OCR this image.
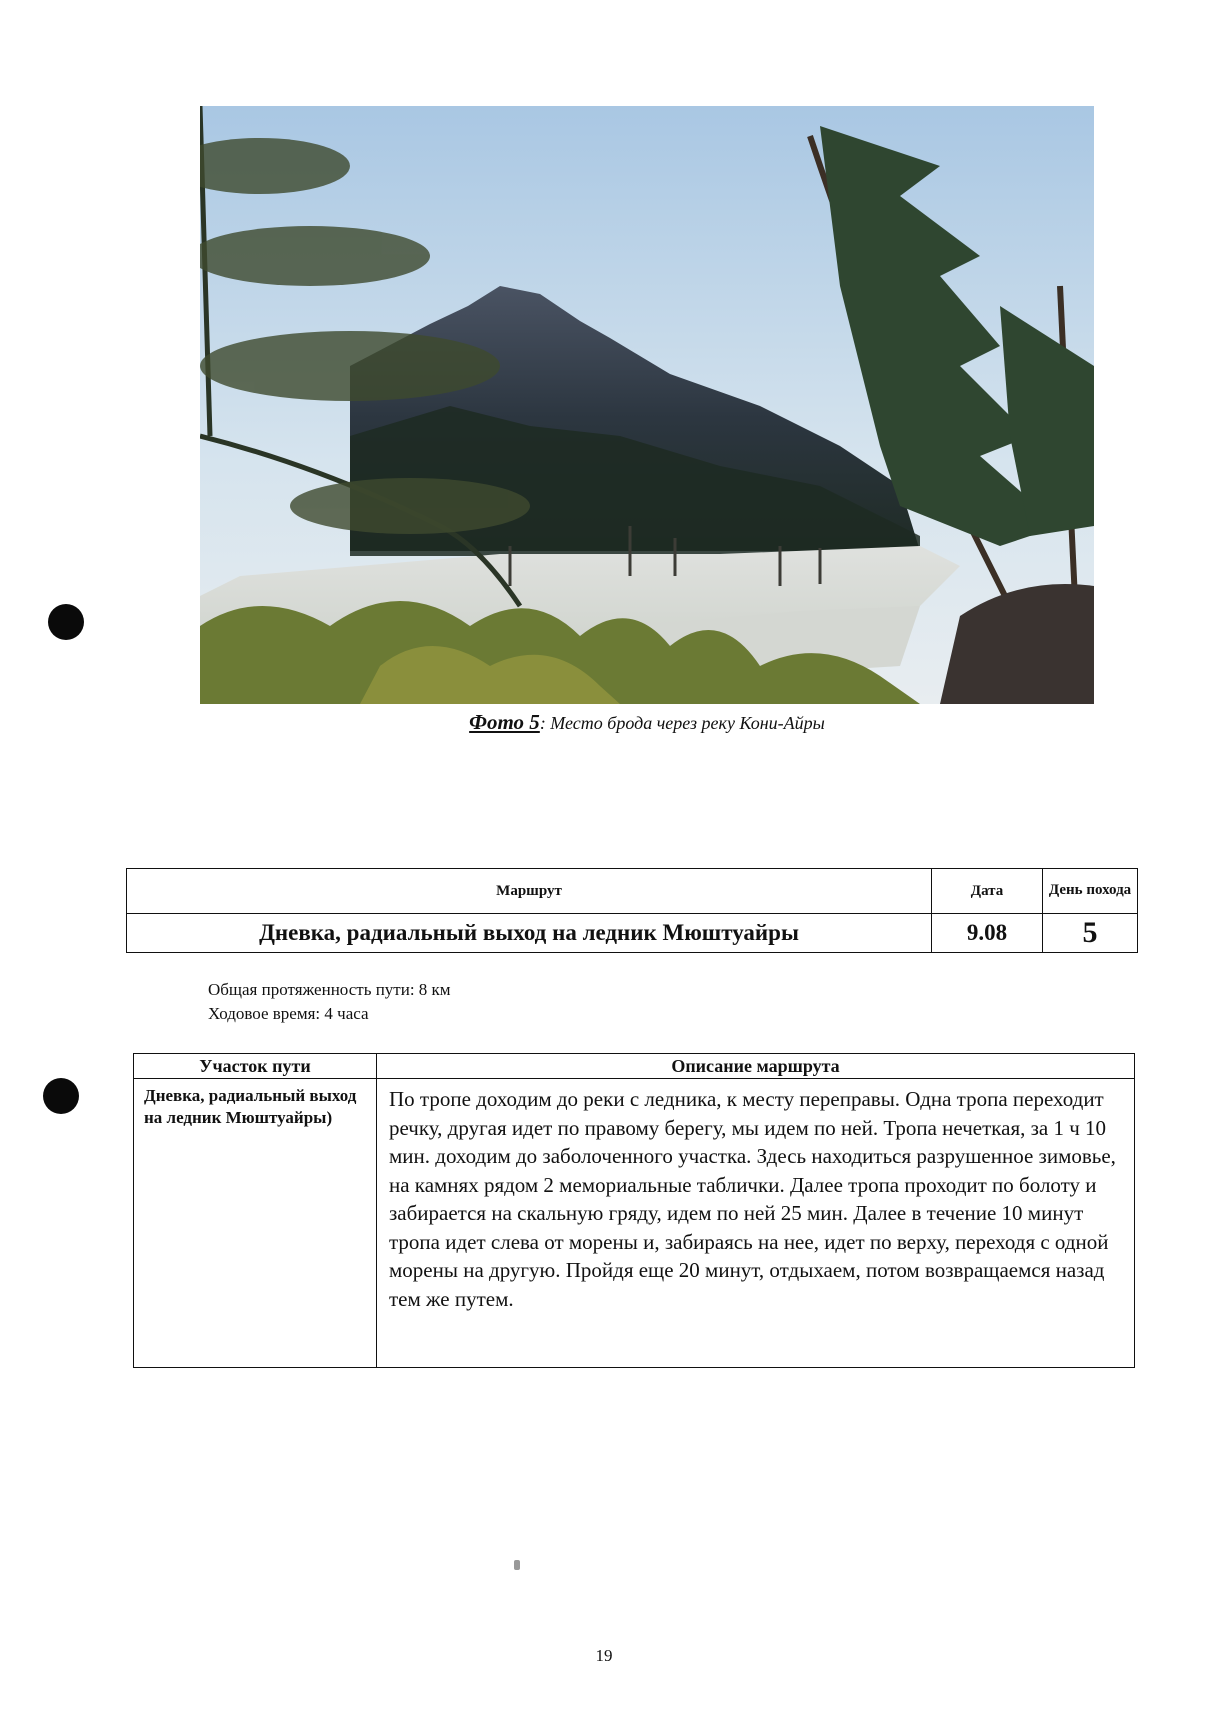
Фото 5: Место брода через реку Кони-Айры
Маршрут	Дата	День похода
Дневка, радиальный выход на ледник Мюштуайры	9.08	5
Общая протяженность пути: 8 км
Ходовое время: 4 часа
Участок пути	Описание маршрута
Дневка, радиальный выход на ледник Мюштуайры)	По тропе доходим до реки с ледника, к месту переправы. Одна тропа переходит речку, другая идет по правому берегу, мы идем по ней. Тропа нечеткая, за 1 ч 10 мин. доходим до заболоченного участка. Здесь находиться разрушенное зимовье, на камнях рядом 2 мемориальные таблички. Далее тропа проходит по болоту и забирается на скальную гряду, идем по ней 25 мин. Далее в течение 10 минут тропа идет слева от морены и, забираясь на нее, идет по верху, переходя с одной морены на другую. Пройдя еще 20 минут, отдыхаем, потом возвращаемся назад тем же путем.
19
